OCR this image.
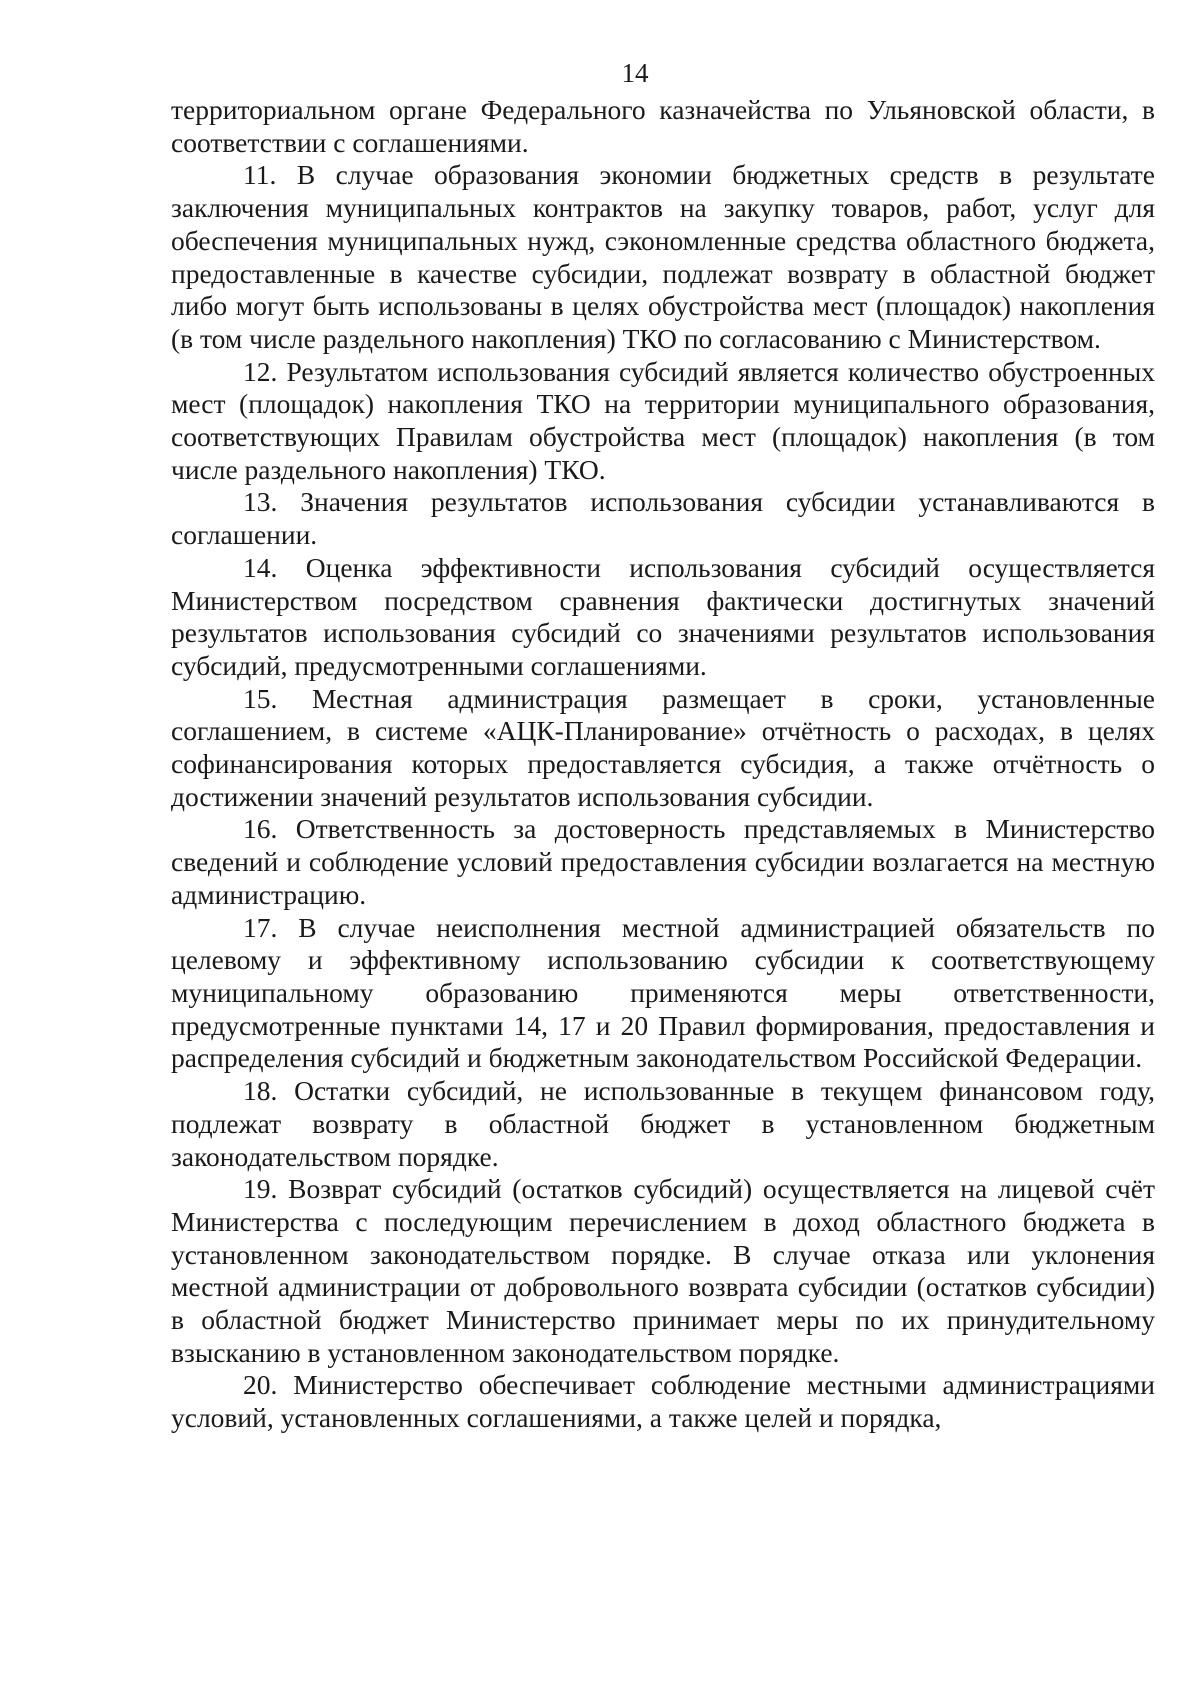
14

территориальном органе Федерального казначейства по Ульяновской области, в соответствии с соглашениями.

11. В случае образования экономии бюджетных средств в результате заключения муниципальных контрактов на закупку товаров, работ, услуг для обеспечения муниципальных нужд, сэкономленные средства областного бюджета, предоставленные в качестве субсидии, подлежат возврату в областной бюджет либо могут быть использованы в целях обустройства мест (площадок) накопления (в том числе раздельного накопления) ТКО по согласованию с Министерством.

12. Результатом использования субсидий является количество обустроенных мест (площадок) накопления ТКО на территории муниципального образования, соответствующих Правилам обустройства мест (площадок) накопления (в том числе раздельного накопления) ТКО.

13. Значения результатов использования субсидии устанавливаются в соглашении.

14. Оценка эффективности использования субсидий осуществляется Министерством посредством сравнения фактически достигнутых значений результатов использования субсидий со значениями результатов использования субсидий, предусмотренными соглашениями.

15. Местная администрация размещает в сроки, установленные соглашением, в системе «АЦК-Планирование» отчётность о расходах, в целях софинансирования которых предоставляется субсидия, а также отчётность о достижении значений результатов использования субсидии.

16. Ответственность за достоверность представляемых в Министерство сведений и соблюдение условий предоставления субсидии возлагается на местную администрацию.

17. В случае неисполнения местной администрацией обязательств по целевому и эффективному использованию субсидии к соответствующему муниципальному образованию применяются меры ответственности, предусмотренные пунктами 14, 17 и 20 Правил формирования, предоставления и распределения субсидий и бюджетным законодательством Российской Федерации.

18. Остатки субсидий, не использованные в текущем финансовом году, подлежат возврату в областной бюджет в установленном бюджетным законодательством порядке.

19. Возврат субсидий (остатков субсидий) осуществляется на лицевой счёт Министерства с последующим перечислением в доход областного бюджета в установленном законодательством порядке. В случае отказа или уклонения местной администрации от добровольного возврата субсидии (остатков субсидии) в областной бюджет Министерство принимает меры по их принудительному взысканию в установленном законодательством порядке.

20. Министерство обеспечивает соблюдение местными администрациями условий, установленных соглашениями, а также целей и порядка,
